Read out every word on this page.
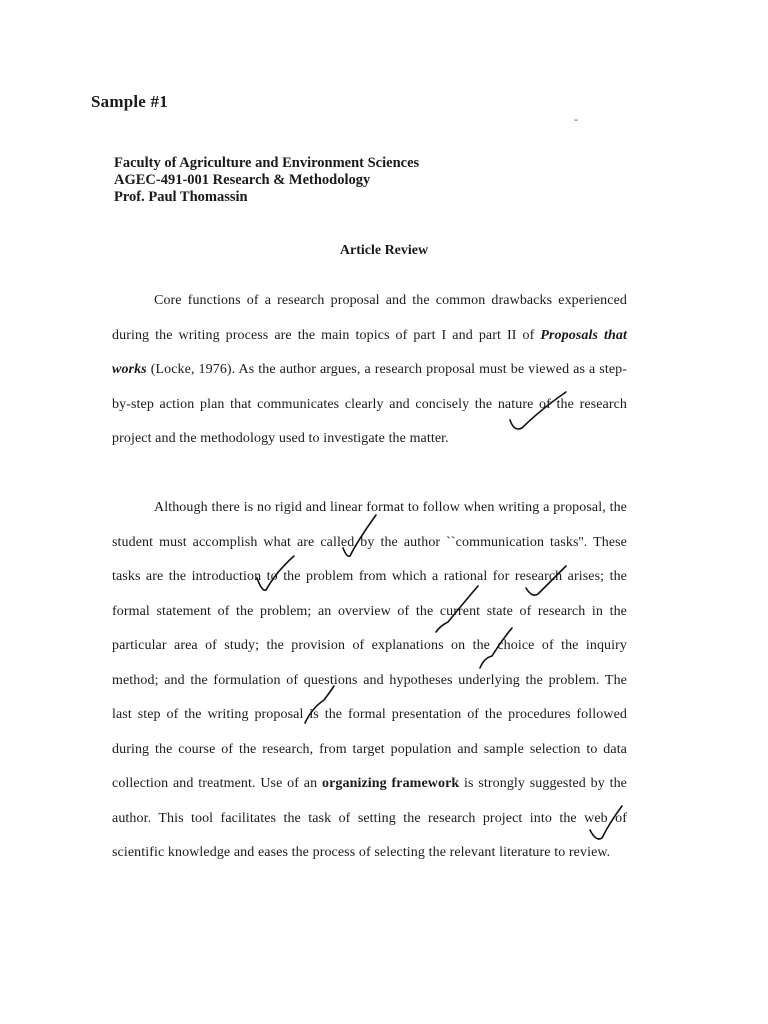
Sample #1
-
Faculty of Agriculture and Environment Sciences
AGEC-491-001 Research & Methodology
Prof. Paul Thomassin
Article Review

Core functions of a research proposal and the common drawbacks experienced during the writing process are the main topics of part I and part II of Proposals that works (Locke, 1976). As the author argues, a research proposal must be viewed as a step-by-step action plan that communicates clearly and concisely the nature of the research project and the methodology used to investigate the matter.

Although there is no rigid and linear format to follow when writing a proposal, the student must accomplish what are called by the author ``communication tasks''. These tasks are the introduction to the problem from which a rational for research arises; the formal statement of the problem; an overview of the current state of research in the particular area of study; the provision of explanations on the choice of the inquiry method; and the formulation of questions and hypotheses underlying the problem. The last step of the writing proposal is the formal presentation of the procedures followed during the course of the research, from target population and sample selection to data collection and treatment. Use of an organizing framework is strongly suggested by the author. This tool facilitates the task of setting the research project into the web of scientific knowledge and eases the process of selecting the relevant literature to review.
